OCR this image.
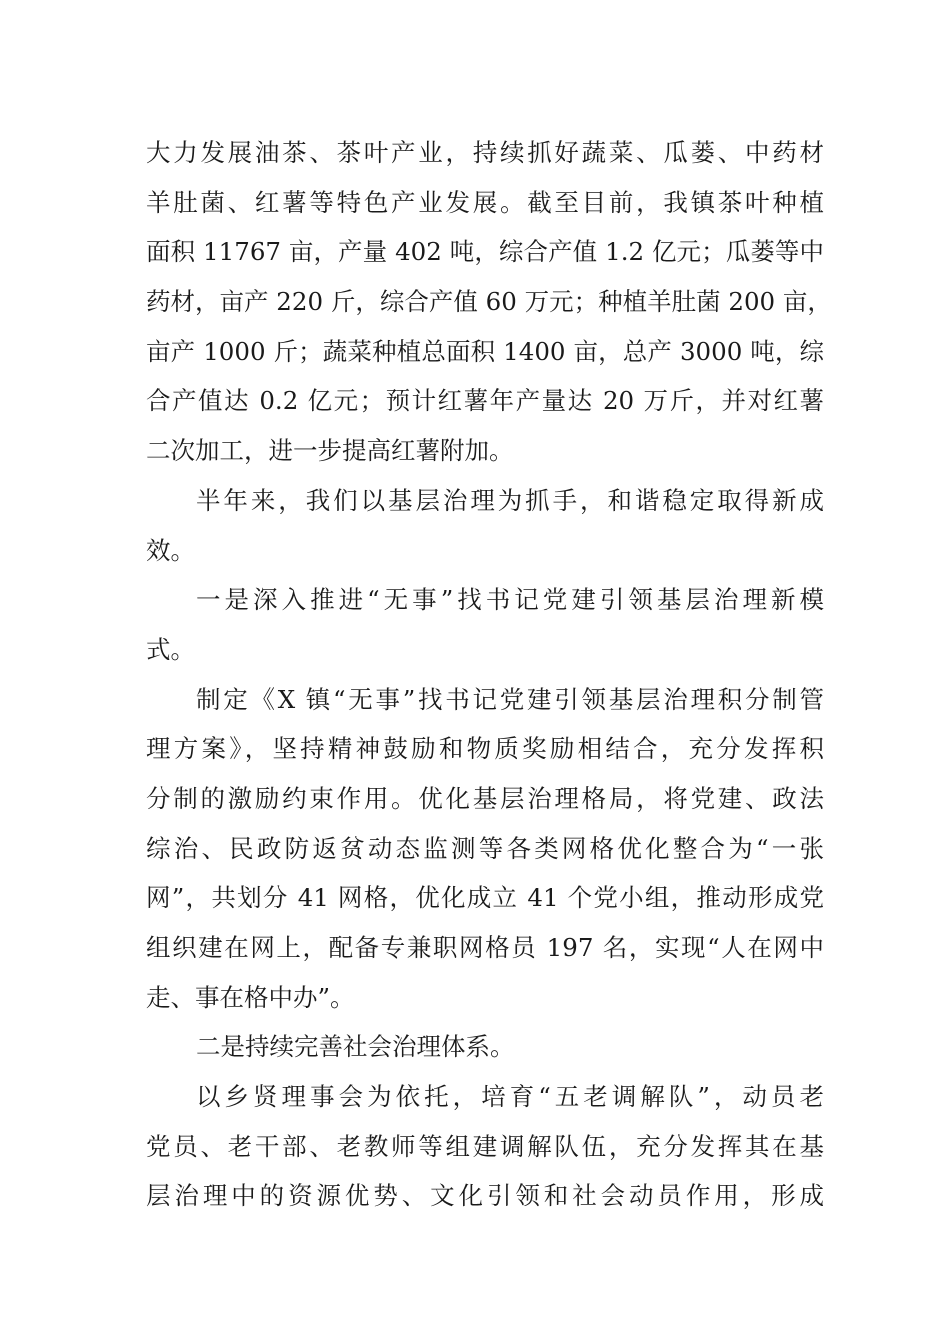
大力发展油茶、茶叶产业，持续抓好蔬菜、瓜蒌、中药材
羊肚菌、红薯等特色产业发展。截至目前，我镇茶叶种植
面积 11767 亩，产量 402 吨，综合产值 1.2 亿元；瓜蒌等中
药材，亩产 220 斤，综合产值 60 万元；种植羊肚菌 200 亩，
亩产 1000 斤；蔬菜种植总面积 1400 亩，总产 3000 吨，综
合产值达 0.2 亿元；预计红薯年产量达 20 万斤，并对红薯
二次加工，进一步提高红薯附加。
半年来，我们以基层治理为抓手，和谐稳定取得新成
效。
一是深入推进“无事”找书记党建引领基层治理新模
式。
制定《X 镇“无事”找书记党建引领基层治理积分制管
理方案》，坚持精神鼓励和物质奖励相结合，充分发挥积
分制的激励约束作用。优化基层治理格局，将党建、政法
综治、民政防返贫动态监测等各类网格优化整合为“一张
网”，共划分 41 网格，优化成立 41 个党小组，推动形成党
组织建在网上，配备专兼职网格员 197 名，实现“人在网中
走、事在格中办”。
二是持续完善社会治理体系。
以乡贤理事会为依托，培育“五老调解队”，动员老
党员、老干部、老教师等组建调解队伍，充分发挥其在基
层治理中的资源优势、文化引领和社会动员作用，形成
